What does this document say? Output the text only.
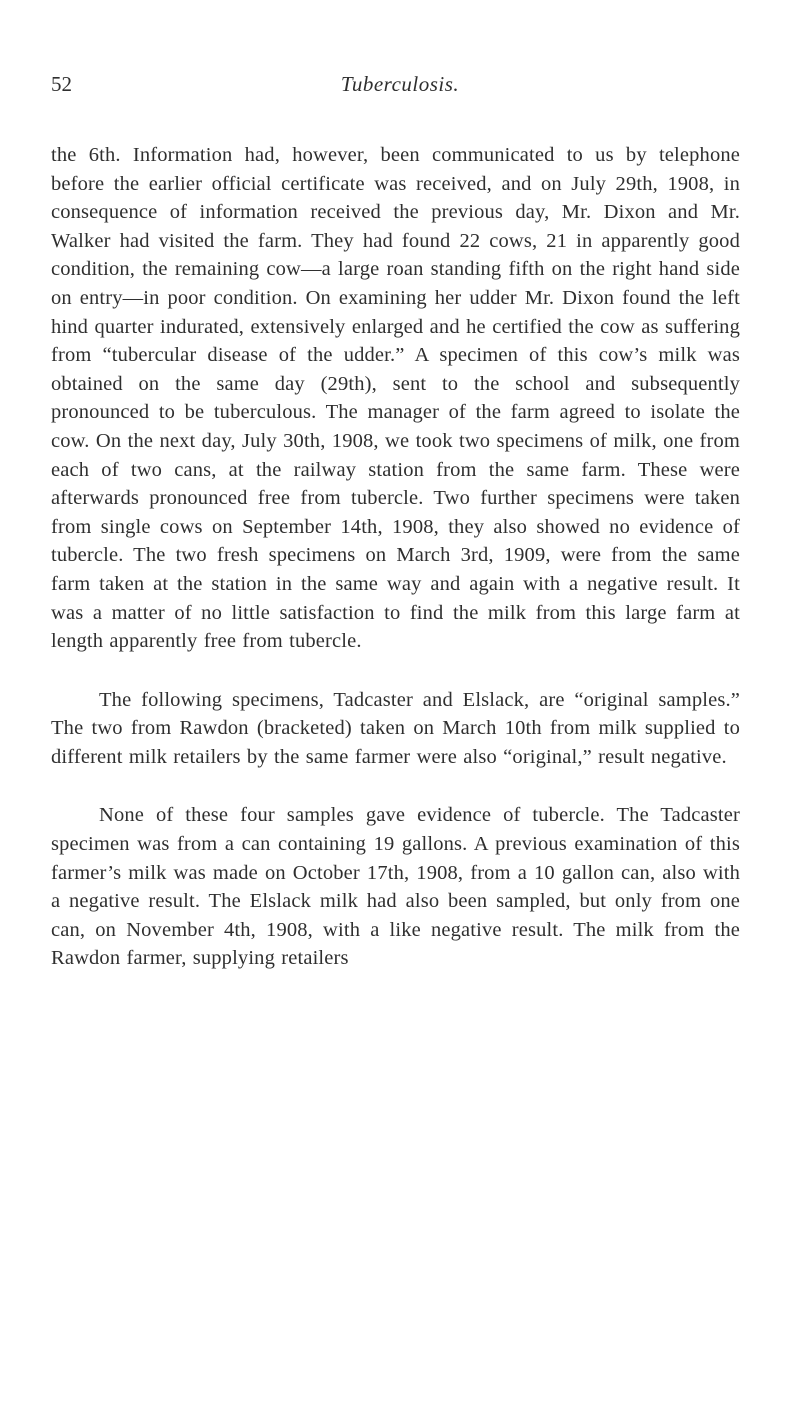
52	Tuberculosis.

the 6th. Information had, however, been communicated to us by telephone before the earlier official certificate was received, and on July 29th, 1908, in consequence of information received the previous day, Mr. Dixon and Mr. Walker had visited the farm. They had found 22 cows, 21 in apparently good condition, the remaining cow—a large roan standing fifth on the right hand side on entry—in poor condition. On examining her udder Mr. Dixon found the left hind quarter indurated, extensively enlarged and he certified the cow as suffering from “tubercular disease of the udder.” A specimen of this cow’s milk was obtained on the same day (29th), sent to the school and subsequently pronounced to be tuberculous. The manager of the farm agreed to isolate the cow. On the next day, July 30th, 1908, we took two specimens of milk, one from each of two cans, at the railway station from the same farm. These were afterwards pronounced free from tubercle. Two further specimens were taken from single cows on September 14th, 1908, they also showed no evidence of tubercle. The two fresh specimens on March 3rd, 1909, were from the same farm taken at the station in the same way and again with a negative result. It was a matter of no little satisfaction to find the milk from this large farm at length apparently free from tubercle.

The following specimens, Tadcaster and Elslack, are “original samples.” The two from Rawdon (bracketed) taken on March 10th from milk supplied to different milk retailers by the same farmer were also “original,” result negative.

None of these four samples gave evidence of tubercle. The Tadcaster specimen was from a can containing 19 gallons. A previous examination of this farmer’s milk was made on October 17th, 1908, from a 10 gallon can, also with a negative result. The Elslack milk had also been sampled, but only from one can, on November 4th, 1908, with a like negative result. The milk from the Rawdon farmer, supplying retailers
